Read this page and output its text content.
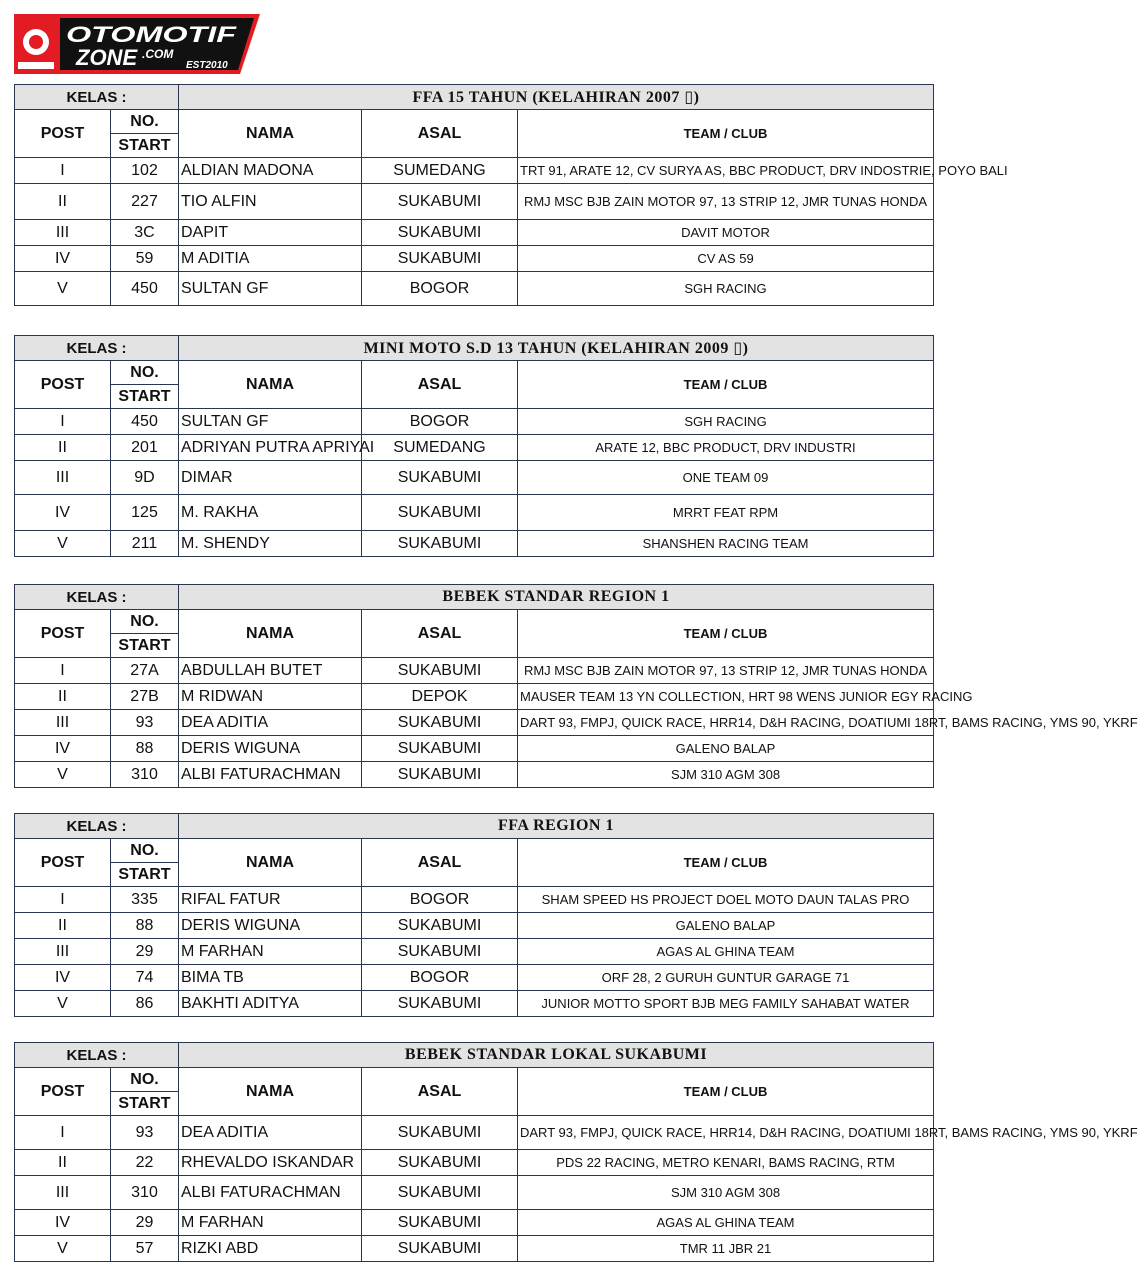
OTOMOTIF
ZONE .COM
EST2010
KELAS :		FFA 15 TAHUN (KELAHIRAN 2007 ▯)		
POST	NO.	NAMA	ASAL	TEAM / CLUB
	START			
I	102	ALDIAN MADONA	SUMEDANG	TRT 91, ARATE 12, CV SURYA AS, BBC PRODUCT, DRV INDOSTRIE, POYO BALI
II	227	TIO ALFIN	SUKABUMI	RMJ MSC BJB ZAIN MOTOR 97, 13 STRIP 12, JMR TUNAS HONDA
III	3C	DAPIT	SUKABUMI	DAVIT MOTOR
IV	59	M ADITIA	SUKABUMI	CV AS 59
V	450	SULTAN GF	BOGOR	SGH RACING
KELAS :		MINI MOTO S.D 13 TAHUN (KELAHIRAN 2009 ▯)		
POST	NO.	NAMA	ASAL	TEAM / CLUB
	START			
I	450	SULTAN GF	BOGOR	SGH RACING
II	201	ADRIYAN PUTRA APRIYAI	SUMEDANG	ARATE 12, BBC PRODUCT, DRV INDUSTRI
III	9D	DIMAR	SUKABUMI	ONE TEAM 09
IV	125	M. RAKHA	SUKABUMI	MRRT FEAT RPM
V	211	M. SHENDY	SUKABUMI	SHANSHEN RACING TEAM
KELAS :		BEBEK STANDAR REGION 1		
POST	NO.	NAMA	ASAL	TEAM / CLUB
	START			
I	27A	ABDULLAH BUTET	SUKABUMI	RMJ MSC BJB ZAIN MOTOR 97, 13 STRIP 12, JMR TUNAS HONDA
II	27B	M RIDWAN	DEPOK	MAUSER TEAM 13 YN COLLECTION, HRT 98 WENS JUNIOR EGY RACING
III	93	DEA ADITIA	SUKABUMI	DART 93, FMPJ, QUICK RACE, HRR14, D&H RACING, DOATIUMI 18RT, BAMS RACING, YMS 90, YKRF
IV	88	DERIS WIGUNA	SUKABUMI	GALENO BALAP
V	310	ALBI FATURACHMAN	SUKABUMI	SJM 310 AGM 308
KELAS :		FFA REGION 1		
POST	NO.	NAMA	ASAL	TEAM / CLUB
	START			
I	335	RIFAL FATUR	BOGOR	SHAM SPEED HS PROJECT DOEL MOTO DAUN TALAS PRO
II	88	DERIS WIGUNA	SUKABUMI	GALENO BALAP
III	29	M FARHAN	SUKABUMI	AGAS AL GHINA TEAM
IV	74	BIMA TB	BOGOR	ORF 28, 2 GURUH GUNTUR GARAGE 71
V	86	BAKHTI ADITYA	SUKABUMI	JUNIOR MOTTO SPORT BJB MEG FAMILY SAHABAT WATER
KELAS :		BEBEK STANDAR LOKAL SUKABUMI		
POST	NO.	NAMA	ASAL	TEAM / CLUB
	START			
I	93	DEA ADITIA	SUKABUMI	DART 93, FMPJ, QUICK RACE, HRR14, D&H RACING, DOATIUMI 18RT, BAMS RACING, YMS 90, YKRF
II	22	RHEVALDO ISKANDAR	SUKABUMI	PDS 22 RACING, METRO KENARI, BAMS RACING, RTM
III	310	ALBI FATURACHMAN	SUKABUMI	SJM 310 AGM 308
IV	29	M FARHAN	SUKABUMI	AGAS AL GHINA TEAM
V	57	RIZKI ABD	SUKABUMI	TMR 11 JBR 21
